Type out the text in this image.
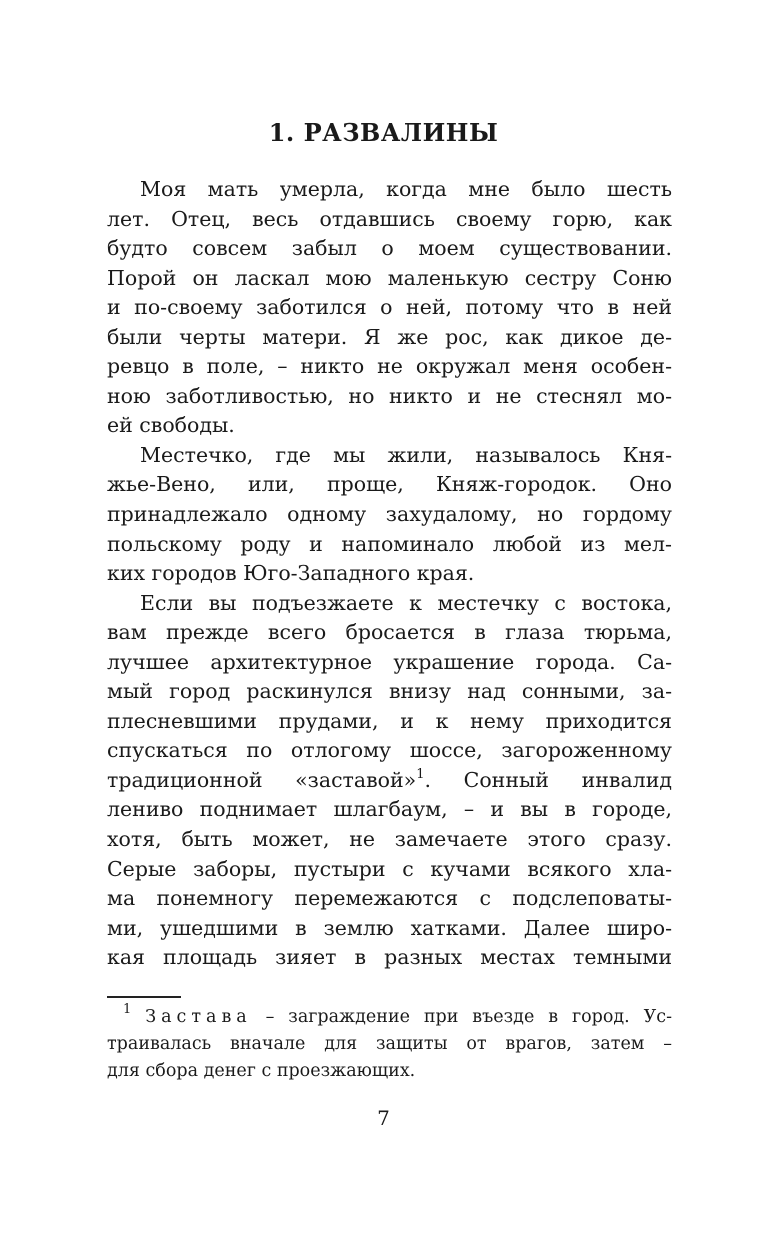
1. РАЗВАЛИНЫ
Моя мать умерла, когда мне было шесть
лет. Отец, весь отдавшись своему горю, как
будто совсем забыл о моем существовании.
Порой он ласкал мою маленькую сестру Соню
и по-своему заботился о ней, потому что в ней
были черты матери. Я же рос, как дикое де-
ревцо в поле, – никто не окружал меня особен-
ною заботливостью, но никто и не стеснял мо-
ей свободы.
Местечко, где мы жили, называлось Кня-
жье-Вено, или, проще, Княж-городок. Оно
принадлежало одному захудалому, но гордому
польскому роду и напоминало любой из мел-
ких городов Юго-Западного края.
Если вы подъезжаете к местечку с востока,
вам прежде всего бросается в глаза тюрьма,
лучшее архитектурное украшение города. Са-
мый город раскинулся внизу над сонными, за-
плесневшими прудами, и к нему приходится
спускаться по отлогому шоссе, загороженному
традиционной «заставой»$^1$. Сонный инвалид
лениво поднимает шлагбаум, – и вы в городе,
хотя, быть может, не замечаете этого сразу.
Серые заборы, пустыри с кучами всякого хла-
ма понемногу перемежаются с подслеповаты-
ми, ушедшими в землю хатками. Далее широ-
кая площадь зияет в разных местах темными
$^1$ Застава – заграждение при въезде в город. Ус-
траивалась вначале для защиты от врагов, затем –
для сбора денег с проезжающих.
7
